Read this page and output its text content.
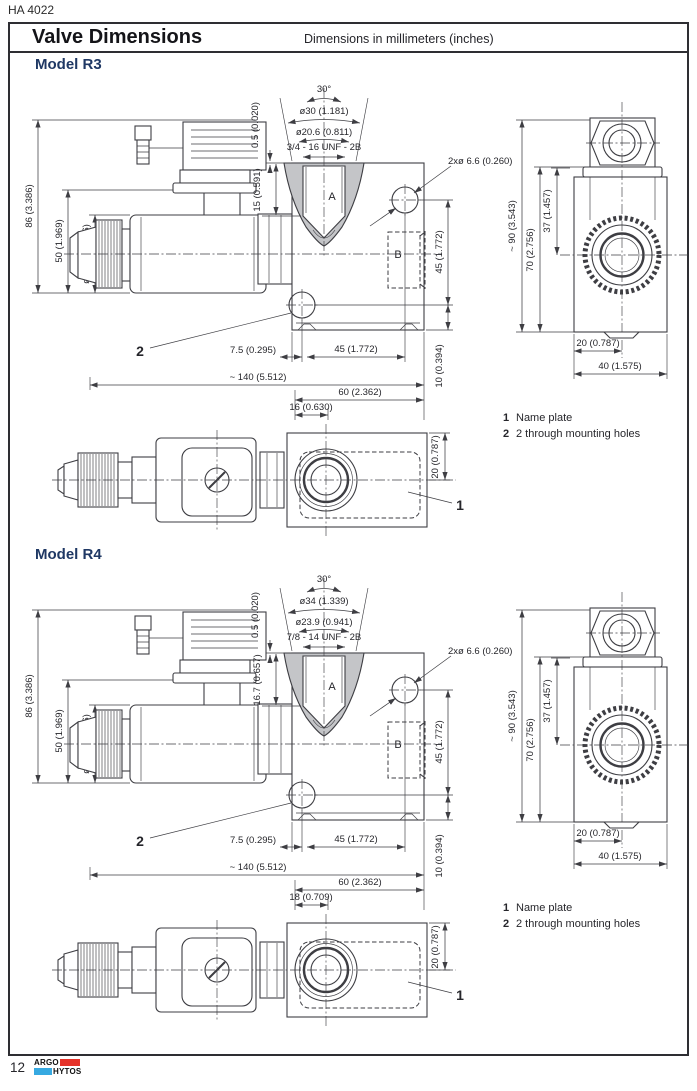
HA 4022
Valve Dimensions	Dimensions in millimeters (inches)
Model R3
86 (3.386)
50 (1.969)
A
30°
ø30 (1.181)
ø20.6 (0.811)
3/4 - 16 UNF - 2B
0.5 (0.020)
15 (0.591)
2xø 6.6 (0.260)
B	45 (1.772)
10 (0.394)
2	7.5 (0.295)	45 (1.772)
~ 140 (5.512)
60 (2.362)
16 (0.630)
20 (0.787)
1
~ 90 (3.543) 70 (2.756)
37 (1.457)
20 (0.787)
40 (1.575)
1 Name plate
2 2 through mounting holes
Model R4
86 (3.386)
50 (1.969)
A
30°
ø34 (1.339)
ø23.9 (0.941)
7/8 - 14 UNF - 2B
0.5 (0.020)
16.7 (0.657)
2xø 6.6 (0.260)
B	45 (1.772)
10 (0.394)
2	7.5 (0.295)	45 (1.772)
~ 140 (5.512)
60 (2.362)
18 (0.709)
20 (0.787)
1
~ 90 (3.543) 70 (2.756)
37 (1.457)
20 (0.787)
40 (1.575)
1 Name plate
2 2 through mounting holes
12 ARGO
HYTOS
